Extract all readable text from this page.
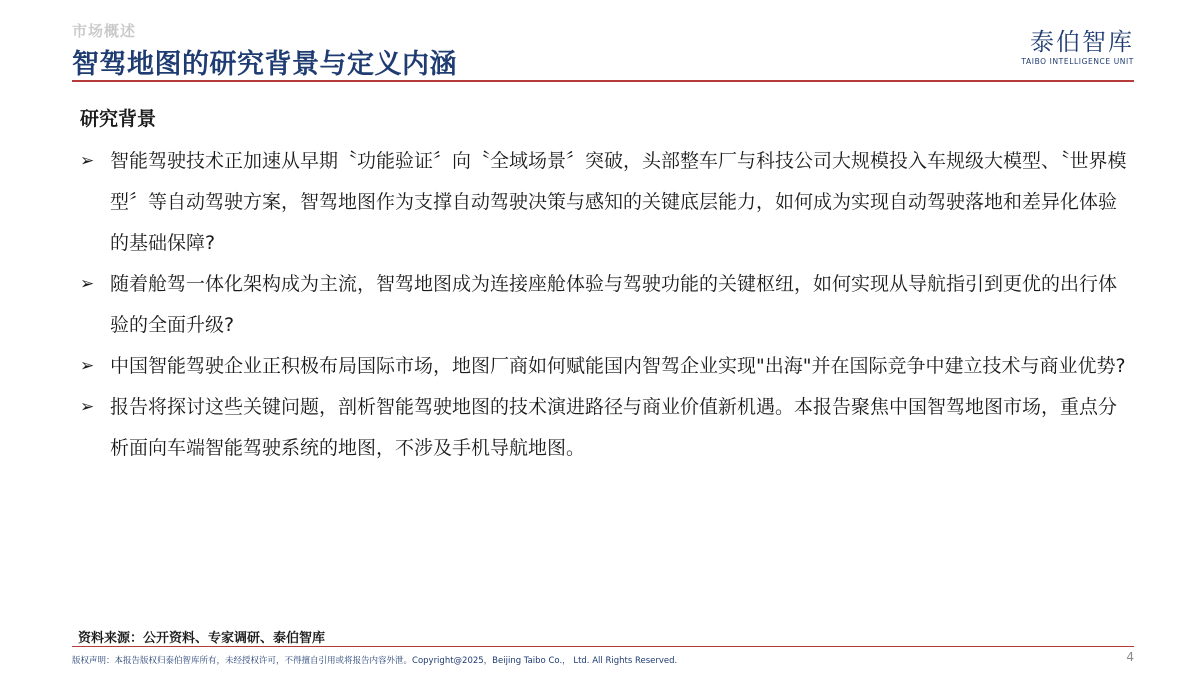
市场概述
智驾地图的研究背景与定义内涵
泰伯智库
TAIBO INTELLIGENCE UNIT
研究背景
➢ 智能驾驶技术正加速从早期〝功能验证〞向〝全域场景〞突破，头部整车厂与科技公司大规模投入车规级大模型、〝世界模型〞等自动驾驶方案，智驾地图作为支撑自动驾驶决策与感知的关键底层能力，如何成为实现自动驾驶落地和差异化体验的基础保障?
➢ 随着舱驾一体化架构成为主流，智驾地图成为连接座舱体验与驾驶功能的关键枢纽，如何实现从导航指引到更优的出行体验的全面升级?
➢ 中国智能驾驶企业正积极布局国际市场，地图厂商如何赋能国内智驾企业实现"出海"并在国际竞争中建立技术与商业优势?
➢ 报告将探讨这些关键问题，剖析智能驾驶地图的技术演进路径与商业价值新机遇。本报告聚焦中国智驾地图市场，重点分析面向车端智能驾驶系统的地图，不涉及手机导航地图。
资料来源：公开资料、专家调研、泰伯智库
版权声明：本报告版权归泰伯智库所有，未经授权许可，不得擅自引用或将报告内容外泄。Copyright@2025，Beijing Taibo Co.， Ltd. All Rights Reserved.	4
